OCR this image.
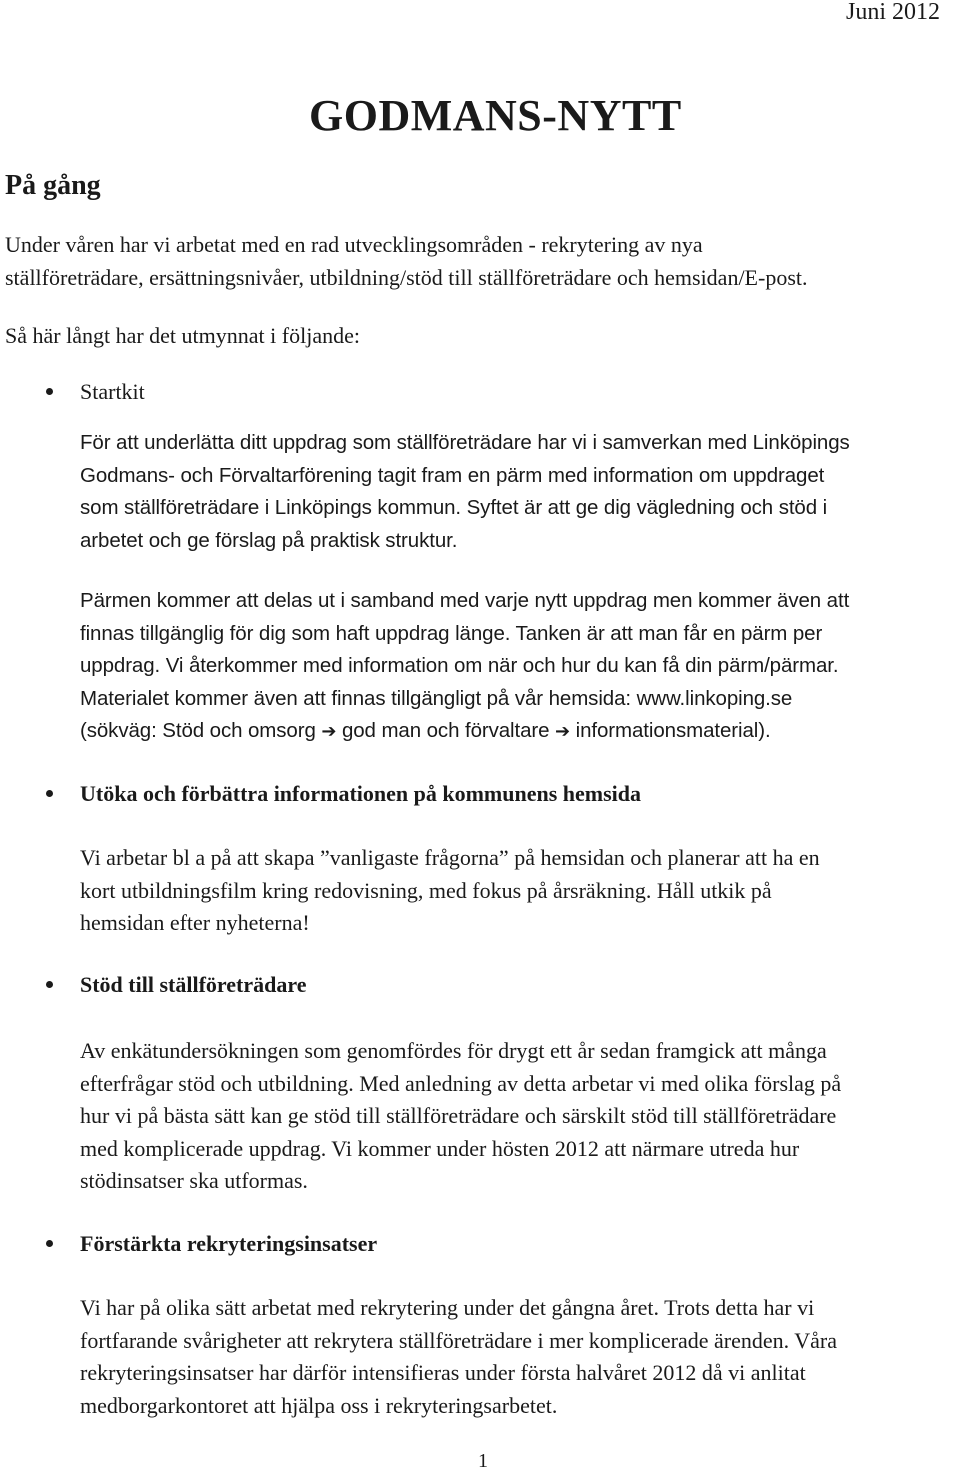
Juni 2012
GODMANS-NYTT
På gång

Under våren har vi arbetat med en rad utvecklingsområden - rekrytering av nya
ställföreträdare, ersättningsnivåer, utbildning/stöd till ställföreträdare och hemsidan/E-post.

Så här långt har det utmynnat i följande:

Startkit

För att underlätta ditt uppdrag som ställföreträdare har vi i samverkan med Linköpings
Godmans- och Förvaltarförening tagit fram en pärm med information om uppdraget
som ställföreträdare i Linköpings kommun. Syftet är att ge dig vägledning och stöd i
arbetet och ge förslag på praktisk struktur.

Pärmen kommer att delas ut i samband med varje nytt uppdrag men kommer även att
finnas tillgänglig för dig som haft uppdrag länge. Tanken är att man får en pärm per
uppdrag. Vi återkommer med information om när och hur du kan få din pärm/pärmar.
Materialet kommer även att finnas tillgängligt på vår hemsida: www.linkoping.se
(sökväg: Stöd och omsorg ➔ god man och förvaltare ➔ informationsmaterial).

Utöka och förbättra informationen på kommunens hemsida

Vi arbetar bl a på att skapa ”vanligaste frågorna” på hemsidan och planerar att ha en
kort utbildningsfilm kring redovisning, med fokus på årsräkning. Håll utkik på
hemsidan efter nyheterna!

Stöd till ställföreträdare

Av enkätundersökningen som genomfördes för drygt ett år sedan framgick att många
efterfrågar stöd och utbildning. Med anledning av detta arbetar vi med olika förslag på
hur vi på bästa sätt kan ge stöd till ställföreträdare och särskilt stöd till ställföreträdare
med komplicerade uppdrag. Vi kommer under hösten 2012 att närmare utreda hur
stödinsatser ska utformas.

Förstärkta rekryteringsinsatser

Vi har på olika sätt arbetat med rekrytering under det gångna året. Trots detta har vi
fortfarande svårigheter att rekrytera ställföreträdare i mer komplicerade ärenden. Våra
rekryteringsinsatser har därför intensifieras under första halvåret 2012 då vi anlitat
medborgarkontoret att hjälpa oss i rekryteringsarbetet.

1
